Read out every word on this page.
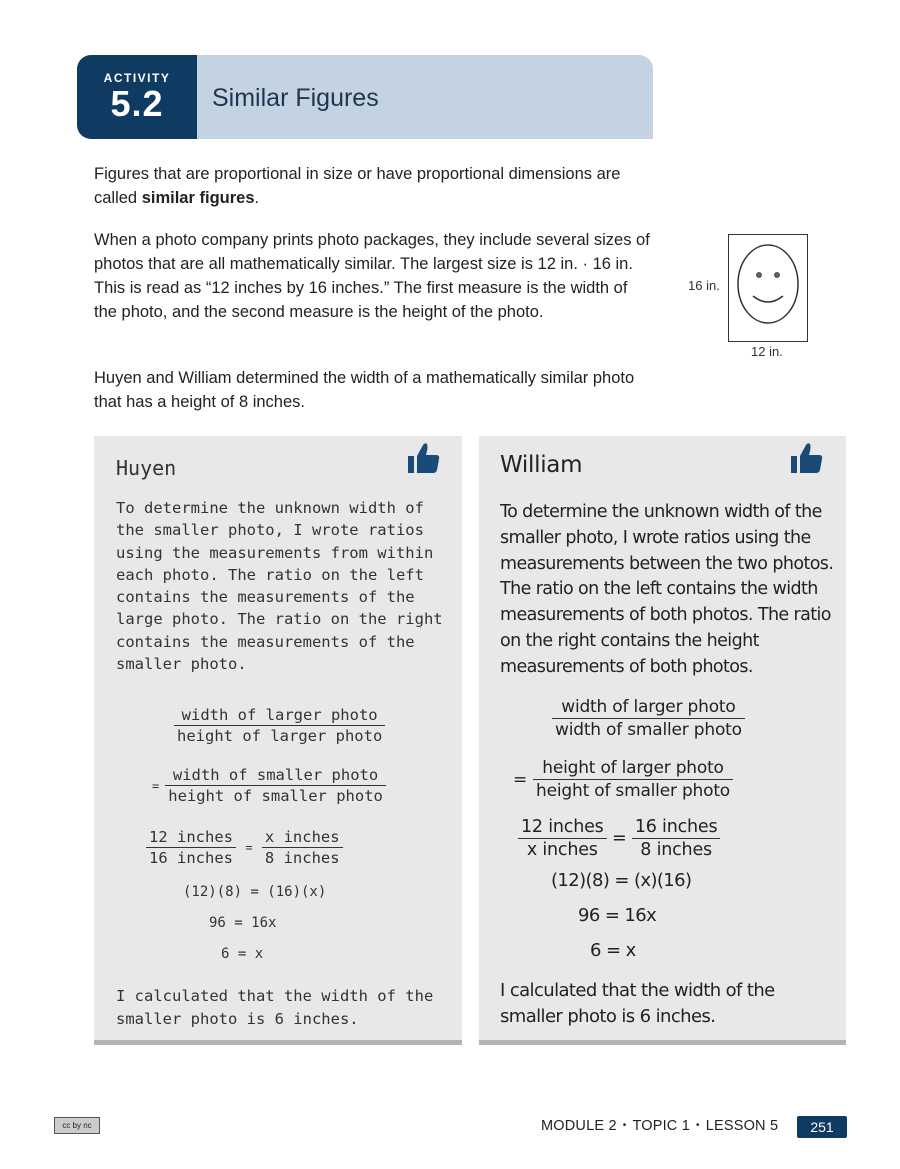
ACTIVITY
5.2	Similar Figures

Figures that are proportional in size or have proportional dimensions are called similar figures.

When a photo company prints photo packages, they include several sizes of photos that are all mathematically similar. The largest size is 12 in. · 16 in. This is read as “12 inches by 16 inches.” The first measure is the width of the photo, and the second measure is the height of the photo.

Huyen and William determined the width of a mathematically similar photo that has a height of 8 inches.

16 in.
12 in.
Huyen
To determine the unknown width of the smaller photo, I wrote ratios using the measurements from within each photo. The ratio on the left contains the measurements of the large photo. The ratio on the right contains the measurements of the smaller photo.
$\frac{\text{width of larger photo}}{\text{height of larger photo}}$
= $\frac{\text{width of smaller photo}}{\text{height of smaller photo}}$
$\frac{\text{12 inches}}{\text{16 inches}} = \frac{\text{x inches}}{\text{8 inches}}$
(12)(8) = (16)(x)
96 = 16x
6 = x
I calculated that the width of the smaller photo is 6 inches.
William
To determine the unknown width of the smaller photo, I wrote ratios using the measurements between the two photos. The ratio on the left contains the width measurements of both photos. The ratio on the right contains the height measurements of both photos.
$\frac{\text{width of larger photo}}{\text{width of smaller photo}}$
= $\frac{\text{height of larger photo}}{\text{height of smaller photo}}$
$\frac{\text{12 inches}}{\text{x inches}} = \frac{\text{16 inches}}{\text{8 inches}}$
(12)(8) = (x)(16)
96 = 16x
6 = x
I calculated that the width of the smaller photo is 6 inches.
cc by nc	MODULE 2 • TOPIC 1 • LESSON 5	251
